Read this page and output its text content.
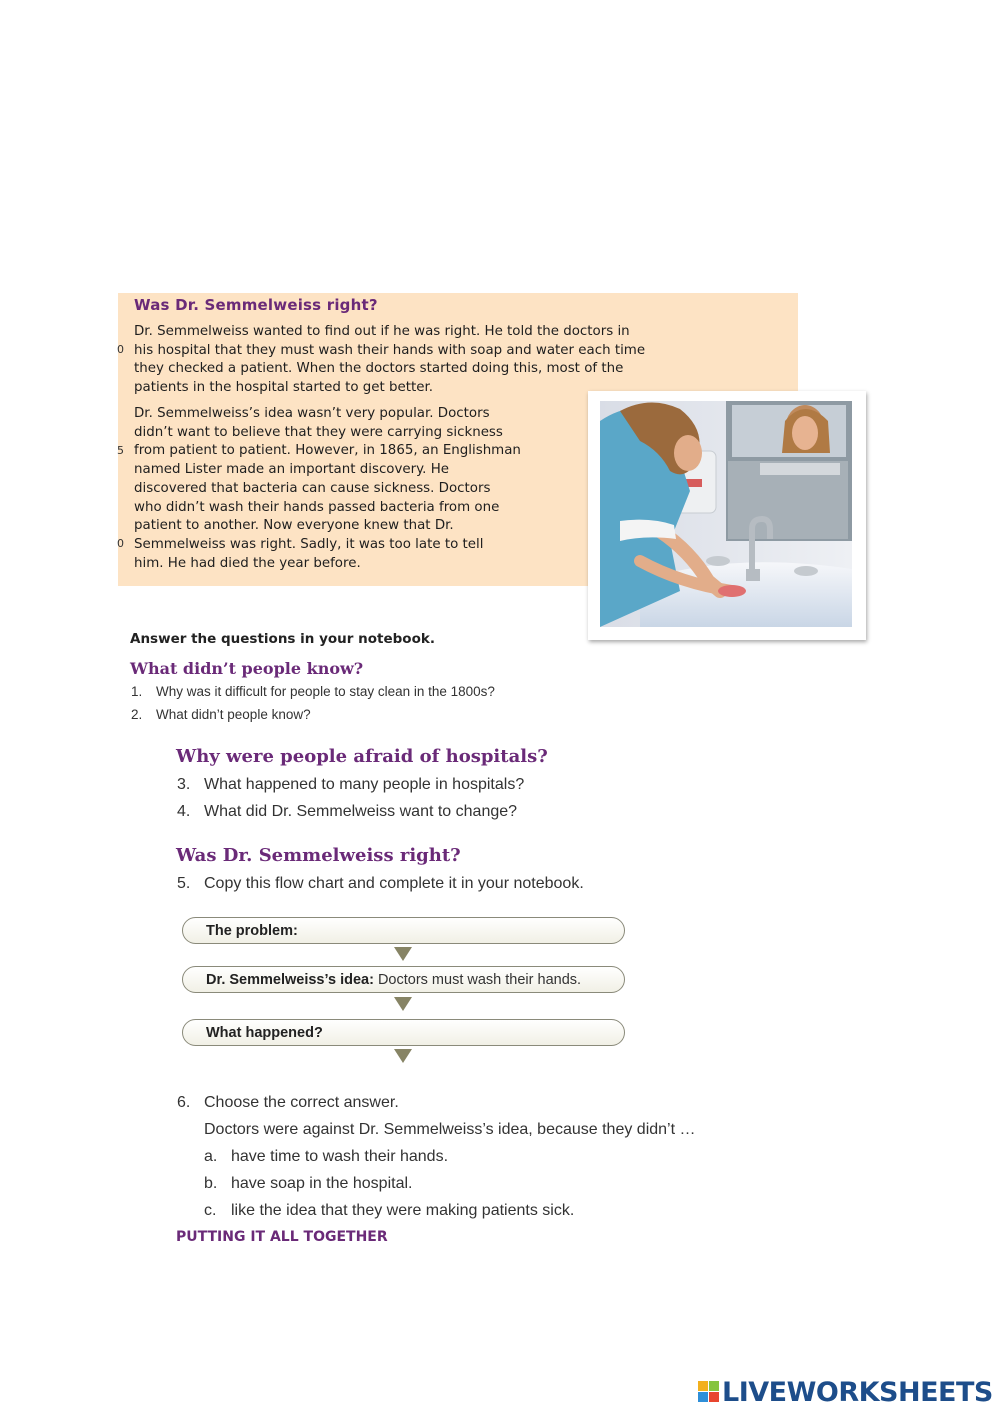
Was Dr. Semmelweiss right?
Dr. Semmelweiss wanted to find out if he was right. He told the doctors in
his hospital that they must wash their hands with soap and water each time
they checked a patient. When the doctors started doing this, most of the
patients in the hospital started to get better.
0
Dr. Semmelweiss’s idea wasn’t very popular. Doctors
didn’t want to believe that they were carrying sickness
from patient to patient. However, in 1865, an Englishman
named Lister made an important discovery. He
discovered that bacteria can cause sickness. Doctors
who didn’t wash their hands passed bacteria from one
patient to another. Now everyone knew that Dr.
Semmelweiss was right. Sadly, it was too late to tell
him. He had died the year before.
5
0
Answer the questions in your notebook.
What didn’t people know?
1. Why was it difficult for people to stay clean in the 1800s?
2. What didn’t people know?
Why were people afraid of hospitals?
3. What happened to many people in hospitals?
4. What did Dr. Semmelweiss want to change?
Was Dr. Semmelweiss right?
5. Copy this flow chart and complete it in your notebook.
The problem:
Dr. Semmelweiss’s idea: Doctors must wash their hands.
What happened?
6. Choose the correct answer.
Doctors were against Dr. Semmelweiss’s idea, because they didn’t …
a. have time to wash their hands.
b. have soap in the hospital.
c. like the idea that they were making patients sick.
PUTTING IT ALL TOGETHER
LIVEWORKSHEETS
